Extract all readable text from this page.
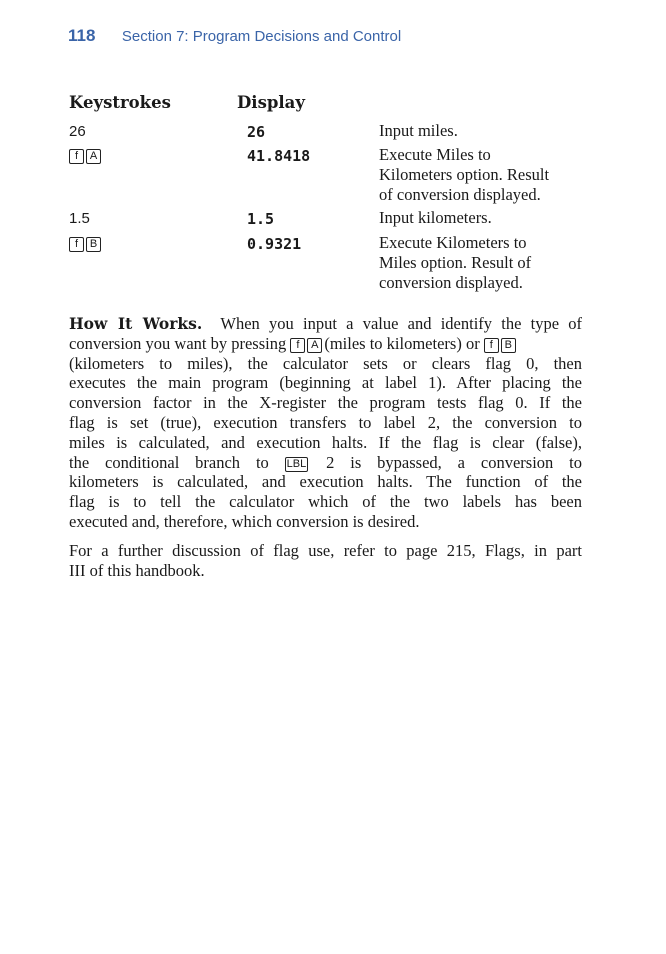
118 Section 7: Program Decisions and Control
Keystrokes	Display
26	26	Input miles.
f A	41.8418	Execute Miles to
Kilometers option. Result
of conversion displayed.
1.5	1.5	Input kilometers.
f B	0.9321	Execute Kilometers to
Miles option. Result of
conversion displayed.
How It Works. When you input a value and identify the type of
conversion you want by pressing f A (miles to kilometers) or f B
(kilometers to miles), the calculator sets or clears flag 0, then
executes the main program (beginning at label 1). After placing the
conversion factor in the X-register the program tests flag 0. If the
flag is set (true), execution transfers to label 2, the conversion to
miles is calculated, and execution halts. If the flag is clear (false),
the conditional branch to LBL 2 is bypassed, a conversion to
kilometers is calculated, and execution halts. The function of the
flag is to tell the calculator which of the two labels has been
executed and, therefore, which conversion is desired.
For a further discussion of flag use, refer to page 215, Flags, in part
III of this handbook.
